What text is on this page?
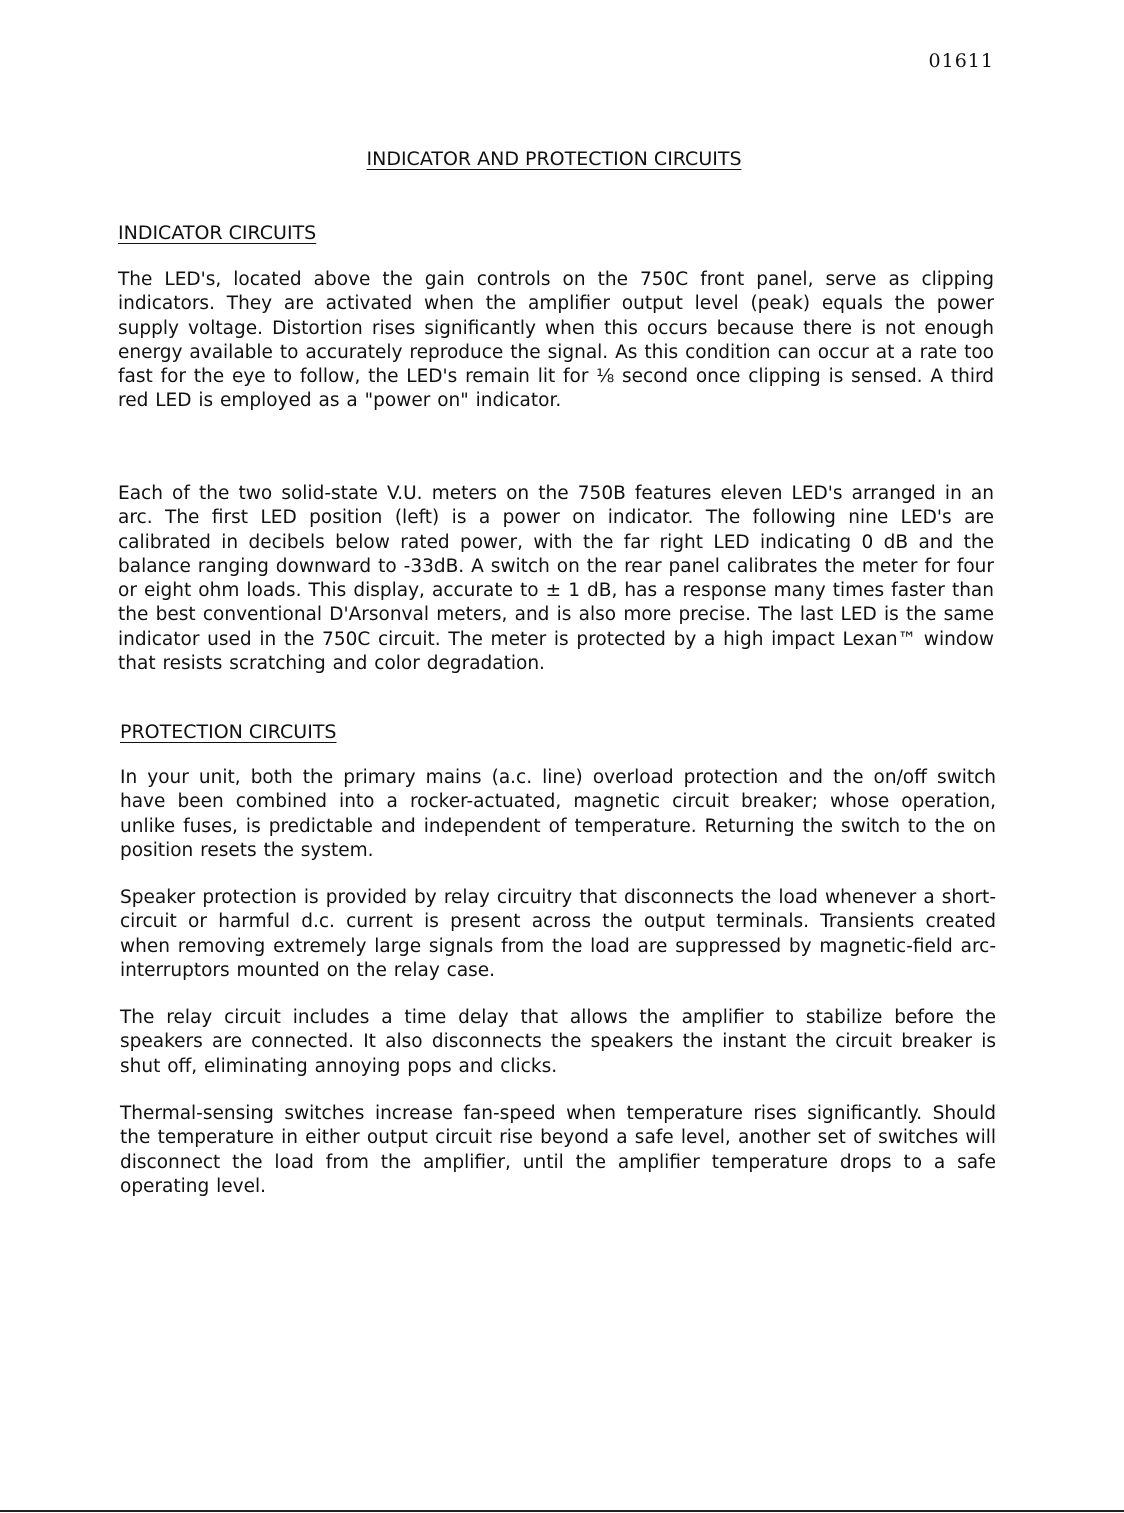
01611
INDICATOR AND PROTECTION CIRCUITS
INDICATOR CIRCUITS
The LED's, located above the gain controls on the 750C front panel, serve as clipping indicators. They are activated when the amplifier output level (peak) equals the power supply voltage. Distortion rises significantly when this occurs because there is not enough energy available to accurately reproduce the signal. As this condition can occur at a rate too fast for the eye to follow, the LED's remain lit for ⅛ second once clipping is sensed. A third red LED is employed as a "power on" indicator.
Each of the two solid-state V.U. meters on the 750B features eleven LED's arranged in an arc. The first LED position (left) is a power on indicator. The following nine LED's are calibrated in decibels below rated power, with the far right LED indicating 0 dB and the balance ranging downward to -33dB. A switch on the rear panel calibrates the meter for four or eight ohm loads. This display, accurate to ± 1 dB, has a response many times faster than the best conventional D'Arsonval meters, and is also more precise. The last LED is the same indicator used in the 750C circuit. The meter is protected by a high impact Lexan™ window that resists scratching and color degradation.
PROTECTION CIRCUITS
In your unit, both the primary mains (a.c. line) overload protection and the on/off switch have been combined into a rocker-actuated, magnetic circuit breaker; whose operation, unlike fuses, is predictable and independent of temperature. Returning the switch to the on position resets the system.
Speaker protection is provided by relay circuitry that disconnects the load whenever a short-circuit or harmful d.c. current is present across the output terminals. Transients created when removing extremely large signals from the load are suppressed by magnetic-field arc-interruptors mounted on the relay case.
The relay circuit includes a time delay that allows the amplifier to stabilize before the speakers are connected. It also disconnects the speakers the instant the circuit breaker is shut off, eliminating annoying pops and clicks.
Thermal-sensing switches increase fan-speed when temperature rises significantly. Should the temperature in either output circuit rise beyond a safe level, another set of switches will disconnect the load from the amplifier, until the amplifier temperature drops to a safe operating level.
